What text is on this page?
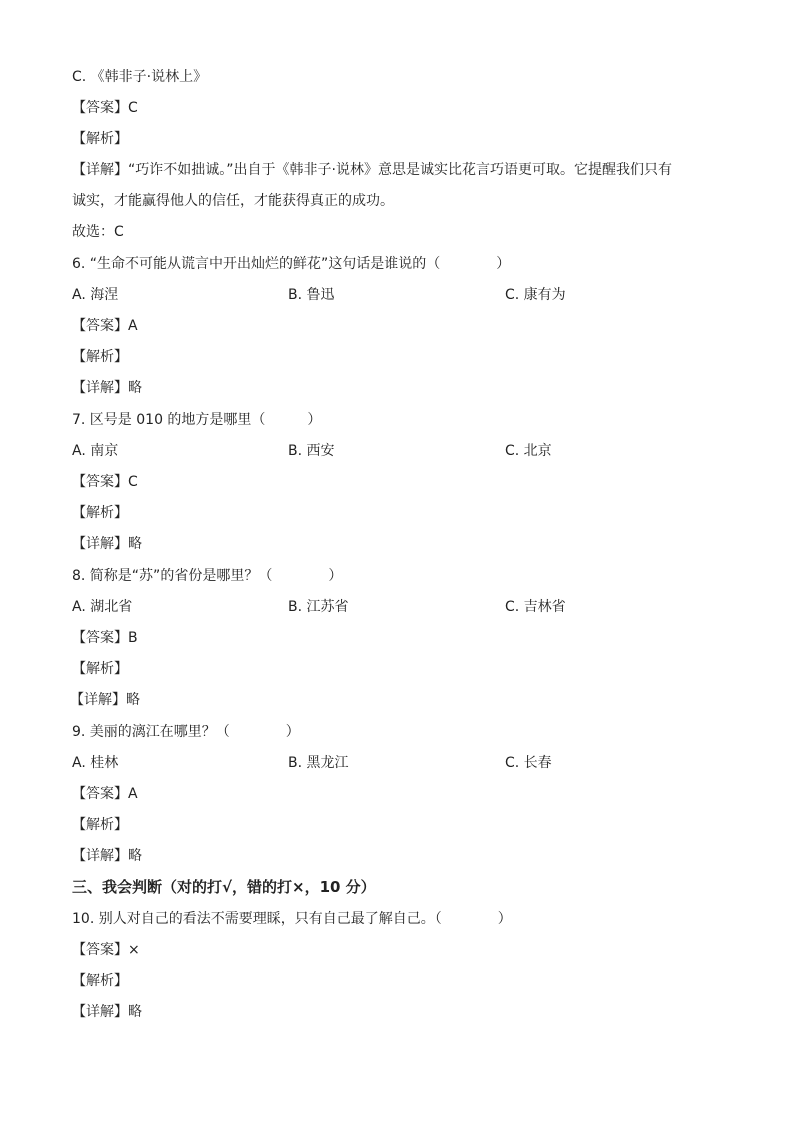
C. 《韩非子·说林上》
【答案】C
【解析】
【详解】“巧诈不如拙诚。”出自于《韩非子·说林》意思是诚实比花言巧语更可取。它提醒我们只有
诚实，才能赢得他人的信任，才能获得真正的成功。
故选：C
6. “生命不可能从谎言中开出灿烂的鲜花”这句话是谁说的（　　　　）
A. 海涅	B. 鲁迅	C. 康有为
【答案】A
【解析】
【详解】略
7. 区号是 010 的地方是哪里（　　　）
A. 南京	B. 西安	C. 北京
【答案】C
【解析】
【详解】略
8. 简称是“苏”的省份是哪里？（　　　　）
A. 湖北省	B. 江苏省	C. 吉林省
【答案】B
【解析】
【详解】略
9. 美丽的漓江在哪里？（　　　　）
A. 桂林	B. 黑龙江	C. 长春
【答案】A
【解析】
【详解】略
三、我会判断（对的打√，错的打×，10 分）
10. 别人对自己的看法不需要理睬，只有自己最了解自己。（　　　　）
【答案】×
【解析】
【详解】略
